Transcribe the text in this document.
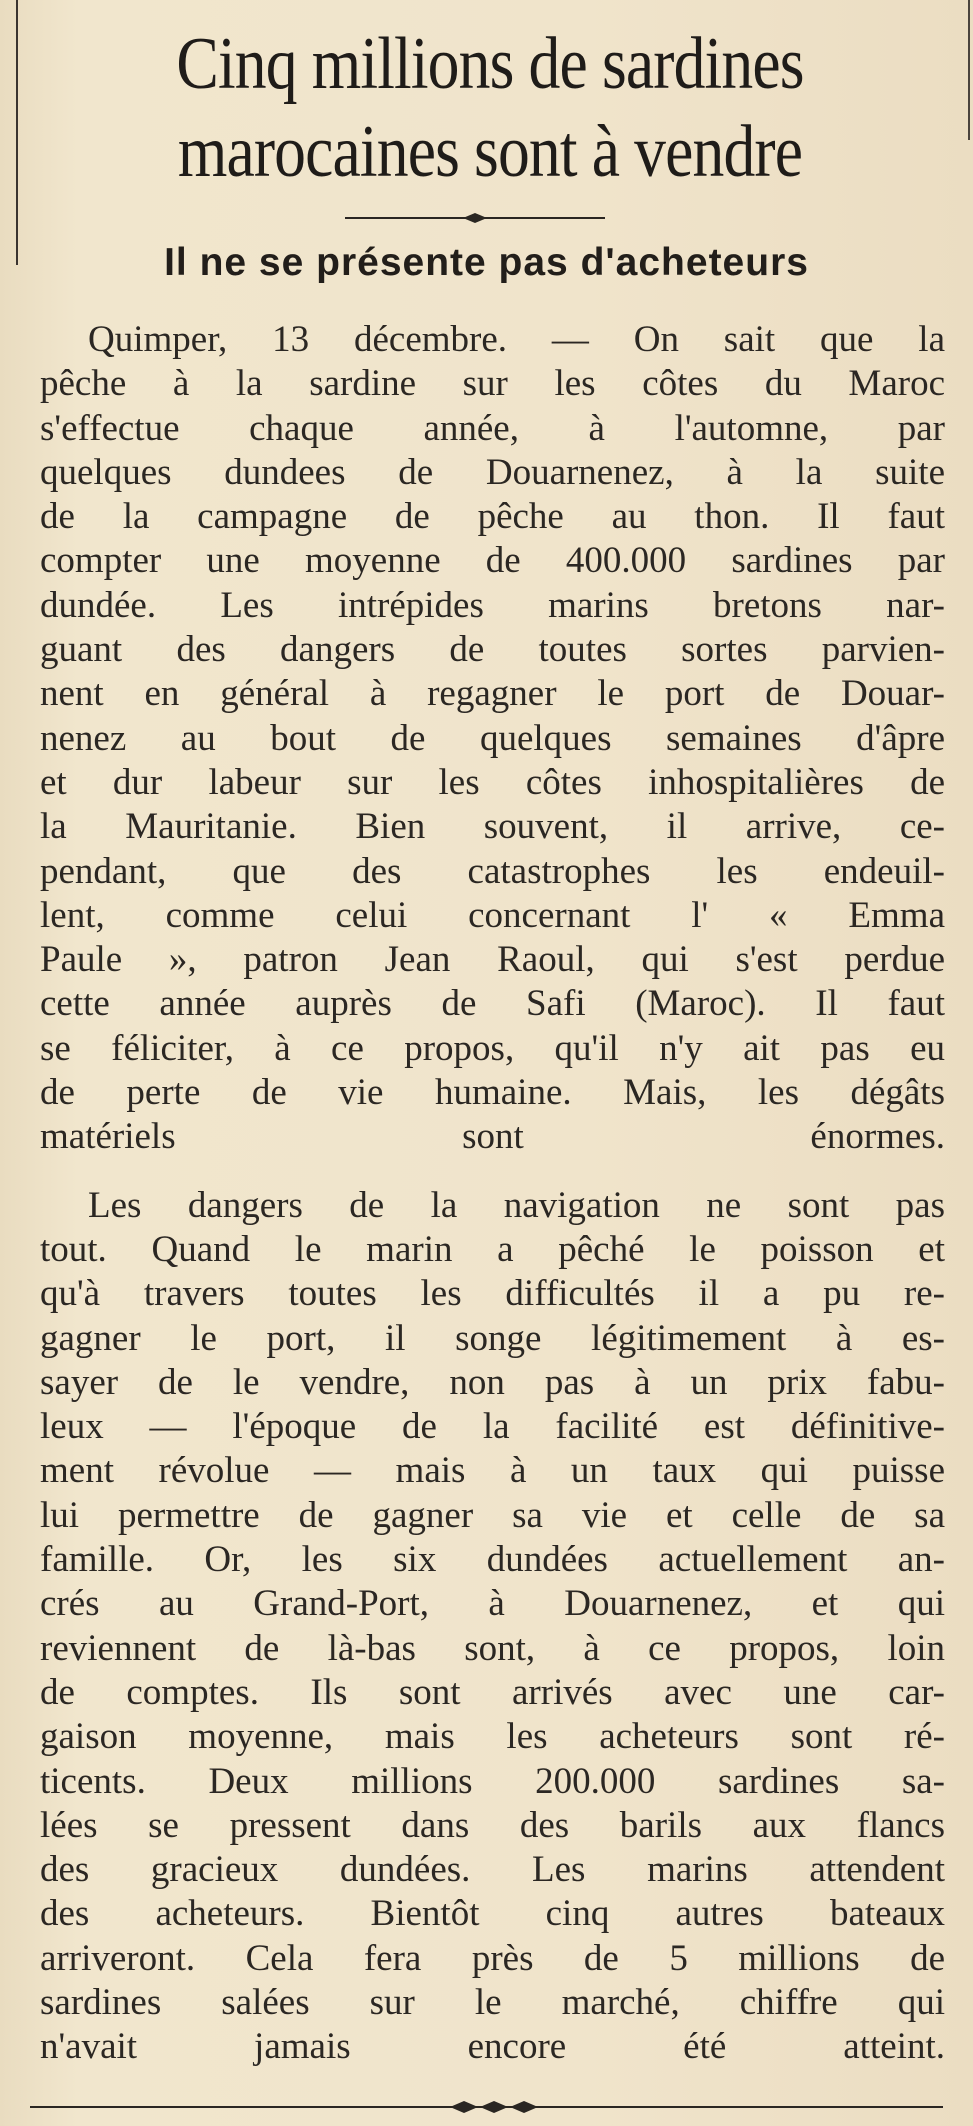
Cinq millions de sardines
marocaines sont à vendre
Il ne se présente pas d'acheteurs
Quimper, 13 décembre. — On sait que la
pêche à la sardine sur les côtes du Maroc
s'effectue chaque année, à l'automne, par
quelques dundees de Douarnenez, à la suite
de la campagne de pêche au thon. Il faut
compter une moyenne de 400.000 sardines par
dundée. Les intrépides marins bretons nar-
guant des dangers de toutes sortes parvien-
nent en général à regagner le port de Douar-
nenez au bout de quelques semaines d'âpre
et dur labeur sur les côtes inhospitalières de
la Mauritanie. Bien souvent, il arrive, ce-
pendant, que des catastrophes les endeuil-
lent, comme celui concernant l' « Emma
Paule », patron Jean Raoul, qui s'est perdue
cette année auprès de Safi (Maroc). Il faut
se féliciter, à ce propos, qu'il n'y ait pas eu
de perte de vie humaine. Mais, les dégâts
matériels sont énormes.
Les dangers de la navigation ne sont pas
tout. Quand le marin a pêché le poisson et
qu'à travers toutes les difficultés il a pu re-
gagner le port, il songe légitimement à es-
sayer de le vendre, non pas à un prix fabu-
leux — l'époque de la facilité est définitive-
ment révolue — mais à un taux qui puisse
lui permettre de gagner sa vie et celle de sa
famille. Or, les six dundées actuellement an-
crés au Grand-Port, à Douarnenez, et qui
reviennent de là-bas sont, à ce propos, loin
de comptes. Ils sont arrivés avec une car-
gaison moyenne, mais les acheteurs sont ré-
ticents. Deux millions 200.000 sardines sa-
lées se pressent dans des barils aux flancs
des gracieux dundées. Les marins attendent
des acheteurs. Bientôt cinq autres bateaux
arriveront. Cela fera près de 5 millions de
sardines salées sur le marché, chiffre qui
n'avait jamais encore été atteint.
